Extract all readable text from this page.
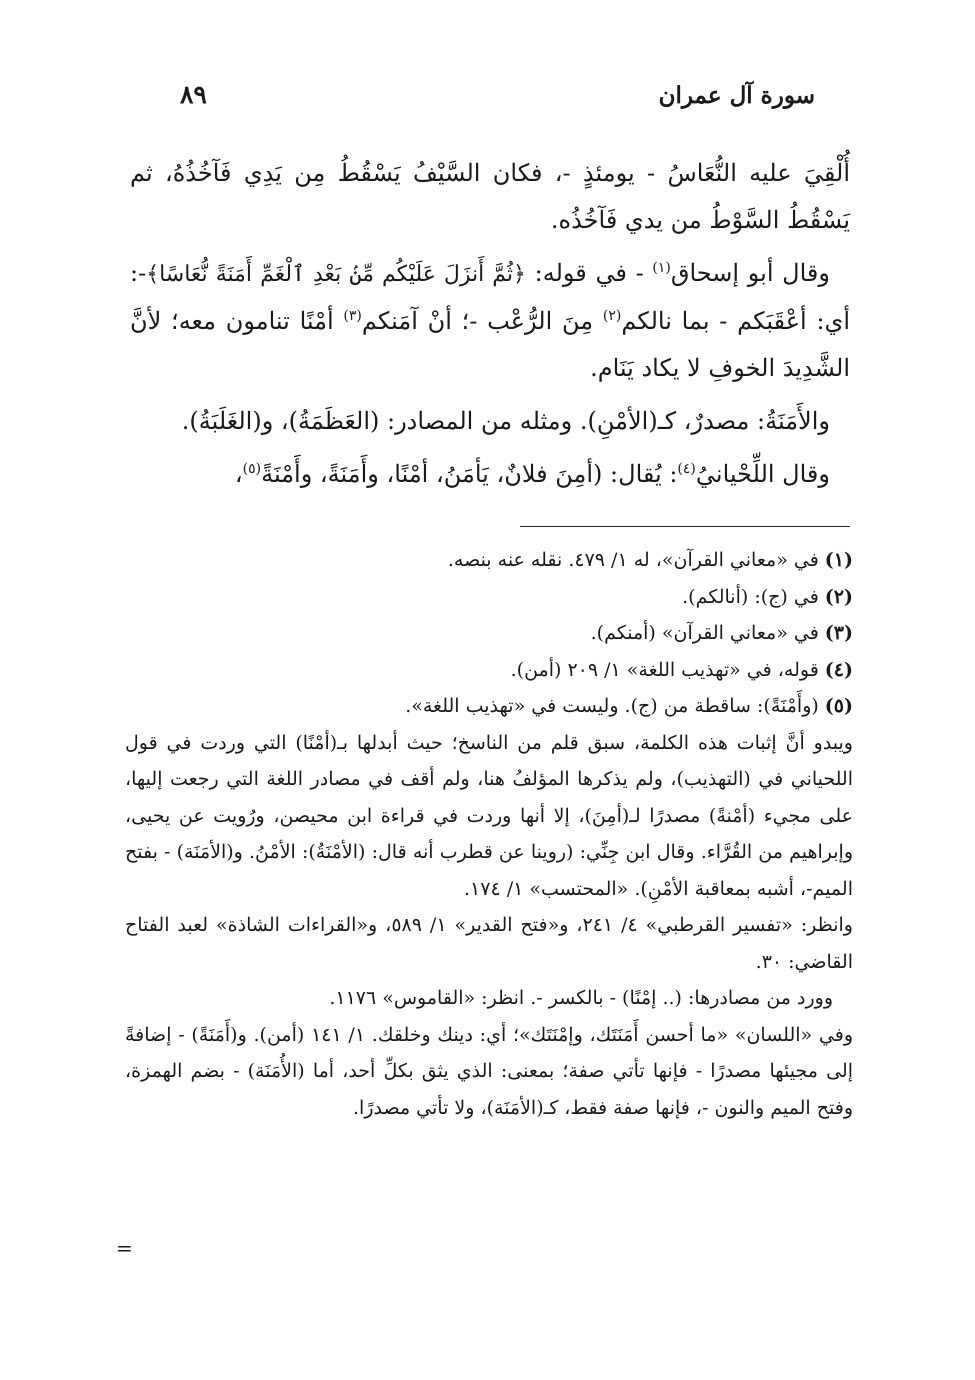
سورة آل عمران
٨٩

أُلْقِيَ عليه النُّعَاسُ - يومئذٍ -، فكان السَّيْفُ يَسْقُطُ مِن يَدِي فَآخُذُهُ، ثم يَسْقُطُ السَّوْطُ من يدي فَآخُذُه.

وقال أبو إسحاق$^{(١)}$ - في قوله: ﴿ثُمَّ أَنزَلَ عَلَيْكُم مِّنۢ بَعْدِ ٱلْغَمِّ أَمَنَةً نُّعَاسًا﴾-: أي: أعْقَبَكم - بما نالكم$^{(٢)}$ مِنَ الرُّعْب -؛ أنْ آمَنكم$^{(٣)}$ أمْنًا تنامون معه؛ لأنَّ الشَّدِيدَ الخوفِ لا يكاد يَنَام.

والأَمَنَةُ: مصدرٌ، كـ(الأمْنِ). ومثله من المصادر: (العَظَمَةُ)، و(الغَلَبَةُ).

وقال اللِّحْيانيُ$^{(٤)}$: يُقال: (أمِنَ فلانٌ، يَأمَنُ، أمْنًا، وأَمَنَةً، وأَمْنَةً$^{(٥)}$،

(١)في «معاني القرآن»، له ١/ ٤٧٩. نقله عنه بنصه.

(٢)في (ج): (أنالكم).

(٣)في «معاني القرآن» (أمنكم).

(٤)قوله، في «تهذيب اللغة» ١/ ٢٠٩ (أمن).

(٥)(وأَمْنَةً): ساقطة من (ج). وليست في «تهذيب اللغة».

ويبدو أنَّ إثبات هذه الكلمة، سبق قلم من الناسخ؛ حيث أبدلها بـ(أمْنًا) التي وردت في قول اللحياني في (التهذيب)، ولم يذكرها المؤلفُ هنا، ولم أقف في مصادر اللغة التي رجعت إليها، على مجيء (أمْنةً) مصدرًا لـ(أمِنَ)، إلا أنها وردت في قراءة ابن محيصن، ورُويت عن يحيى، وإبراهيم من القُرَّاء. وقال ابن جِنِّي: (روينا عن قطرب أنه قال: (الأمْنَةُ): الأمْنُ. و(الأمَنَة) - بفتح الميم-، أشبه بمعاقبة الأمْنِ). «المحتسب» ١/ ١٧٤.

وانظر: «تفسير القرطبي» ٤/ ٢٤١، و«فتح القدير» ١/ ٥٨٩، و«القراءات الشاذة» لعبد الفتاح القاضي: ٣٠.

وورد من مصادرها: (.. إمْنًا) - بالكسر -. انظر: «القاموس» ١١٧٦.

وفي «اللسان» «ما أحسن أَمَنَتَك، وإمْنَتَك»؛ أي: دينك وخلقك. ١/ ١٤١ (أمن). و(أَمَنَةً) - إضافةً إلى مجيئها مصدرًا - فإنها تأتي صفة؛ بمعنى: الذي يثق بكلِّ أحد، أما (الأُمَنَة) - بضم الهمزة، وفتح الميم والنون -، فإنها صفة فقط، كـ(الأمَنَة)، ولا تأتي مصدرًا.

=
